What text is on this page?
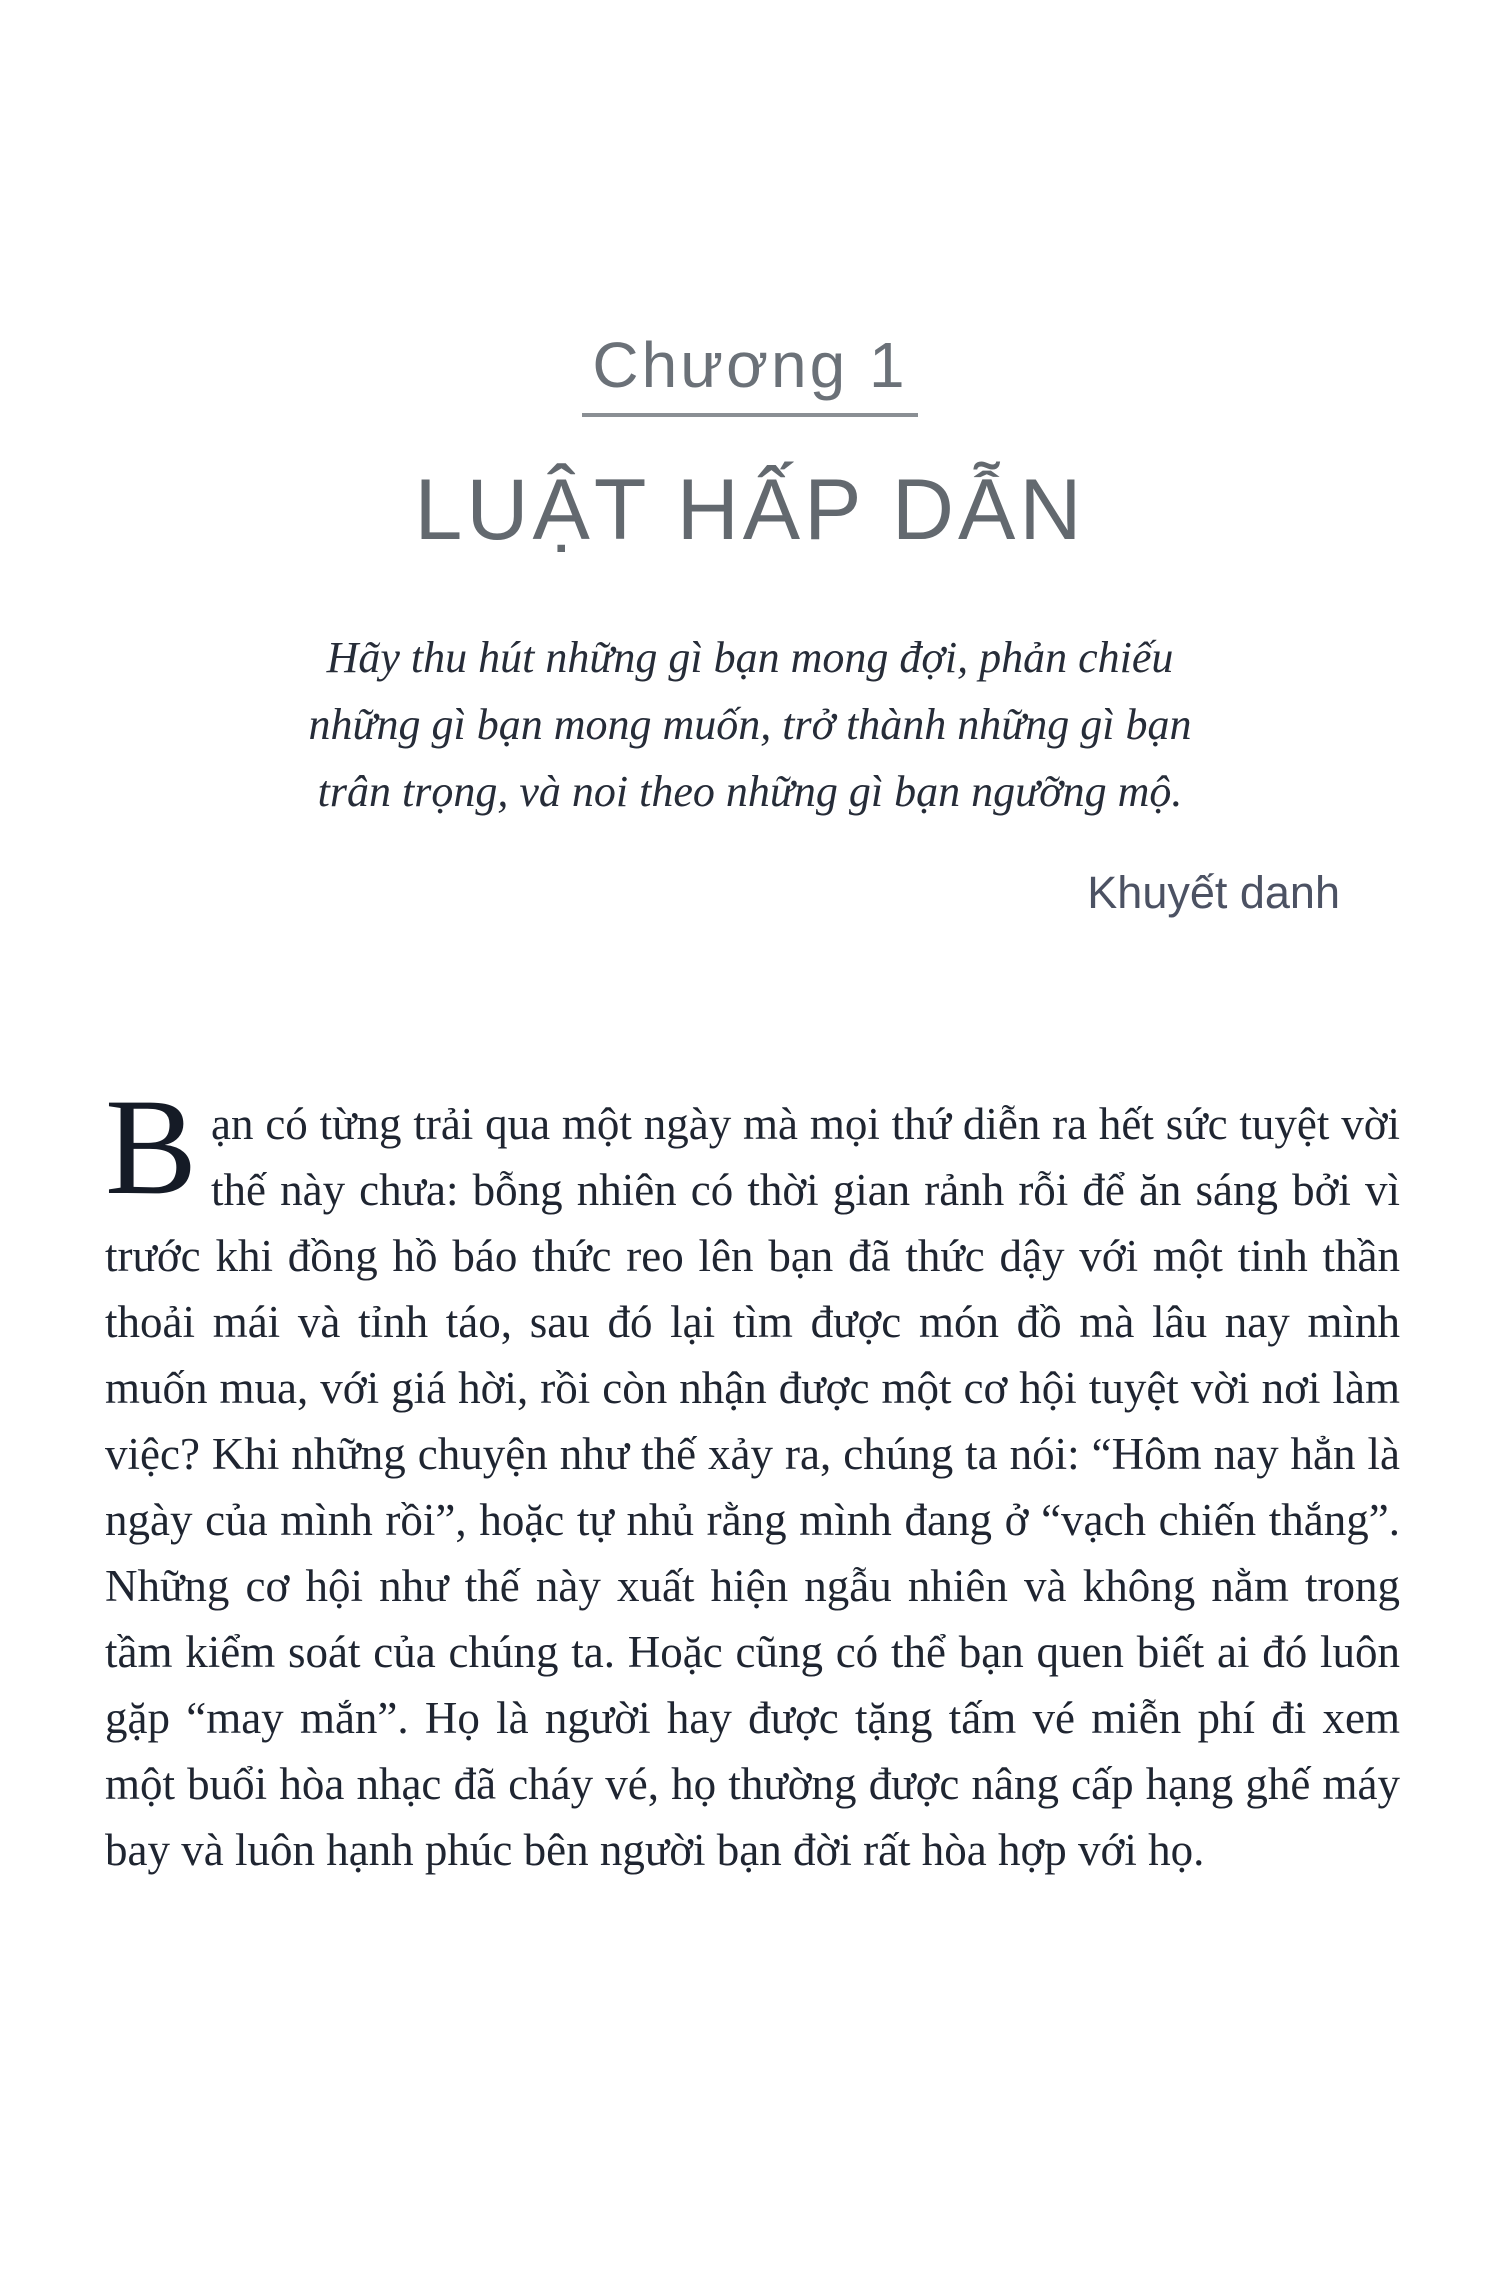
Chương 1
LUẬT HẤP DẪN
Hãy thu hút những gì bạn mong đợi, phản chiếu
những gì bạn mong muốn, trở thành những gì bạn
trân trọng, và noi theo những gì bạn ngưỡng mộ.
Khuyết danh

Bạn có từng trải qua một ngày mà mọi thứ diễn ra hết sức tuyệt vời thế này chưa: bỗng nhiên có thời gian rảnh rỗi để ăn sáng bởi vì trước khi đồng hồ báo thức reo lên bạn đã thức dậy với một tinh thần thoải mái và tỉnh táo, sau đó lại tìm được món đồ mà lâu nay mình muốn mua, với giá hời, rồi còn nhận được một cơ hội tuyệt vời nơi làm việc? Khi những chuyện như thế xảy ra, chúng ta nói: “Hôm nay hẳn là ngày của mình rồi”, hoặc tự nhủ rằng mình đang ở “vạch chiến thắng”. Những cơ hội như thế này xuất hiện ngẫu nhiên và không nằm trong tầm kiểm soát của chúng ta. Hoặc cũng có thể bạn quen biết ai đó luôn gặp “may mắn”. Họ là người hay được tặng tấm vé miễn phí đi xem một buổi hòa nhạc đã cháy vé, họ thường được nâng cấp hạng ghế máy bay và luôn hạnh phúc bên người bạn đời rất hòa hợp với họ.
